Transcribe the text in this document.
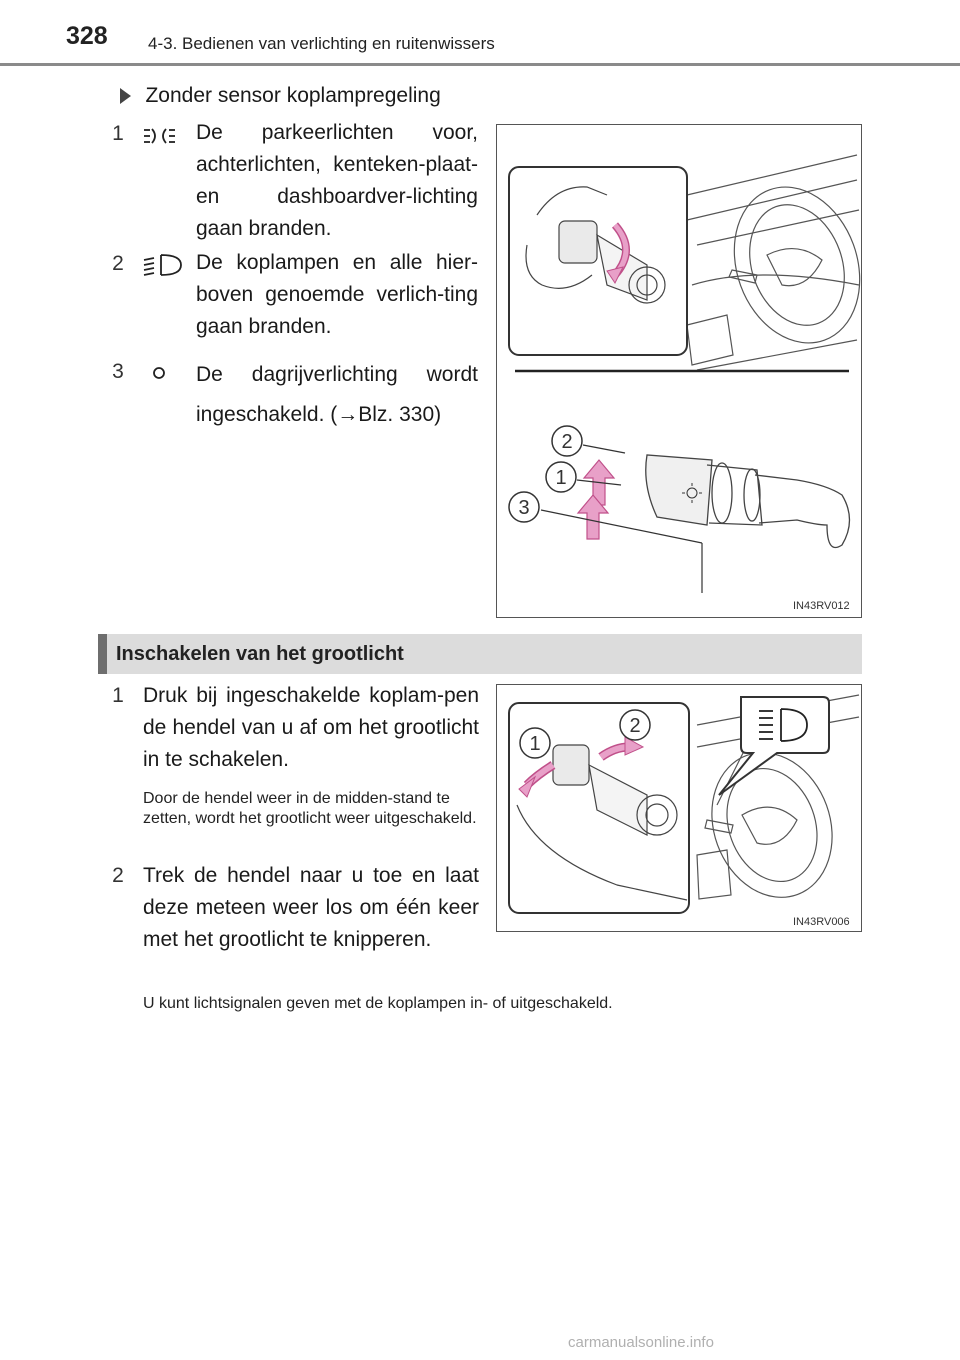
328 4-3. Bedienen van verlichting en ruitenwissers
Zonder sensor koplampregeling
1	De parkeerlichten voor, achterlichten, kenteken-plaat- en dashboardver-lichting gaan branden.
2	De koplampen en alle hier-boven genoemde verlich-ting gaan branden.
3	De dagrijverlichting wordt ingeschakeld. (→Blz. 330)
2
1
3
IN43RV012
Inschakelen van het grootlicht
1 Druk bij ingeschakelde koplam-pen de hendel van u af om het grootlicht in te schakelen.
Door de hendel weer in de midden-stand te zetten, wordt het grootlicht weer uitgeschakeld.
2 Trek de hendel naar u toe en laat deze meteen weer los om één keer met het grootlicht te knipperen.
U kunt lichtsignalen geven met de koplampen in- of uitgeschakeld.
1
2
IN43RV006
carmanualsonline.info
